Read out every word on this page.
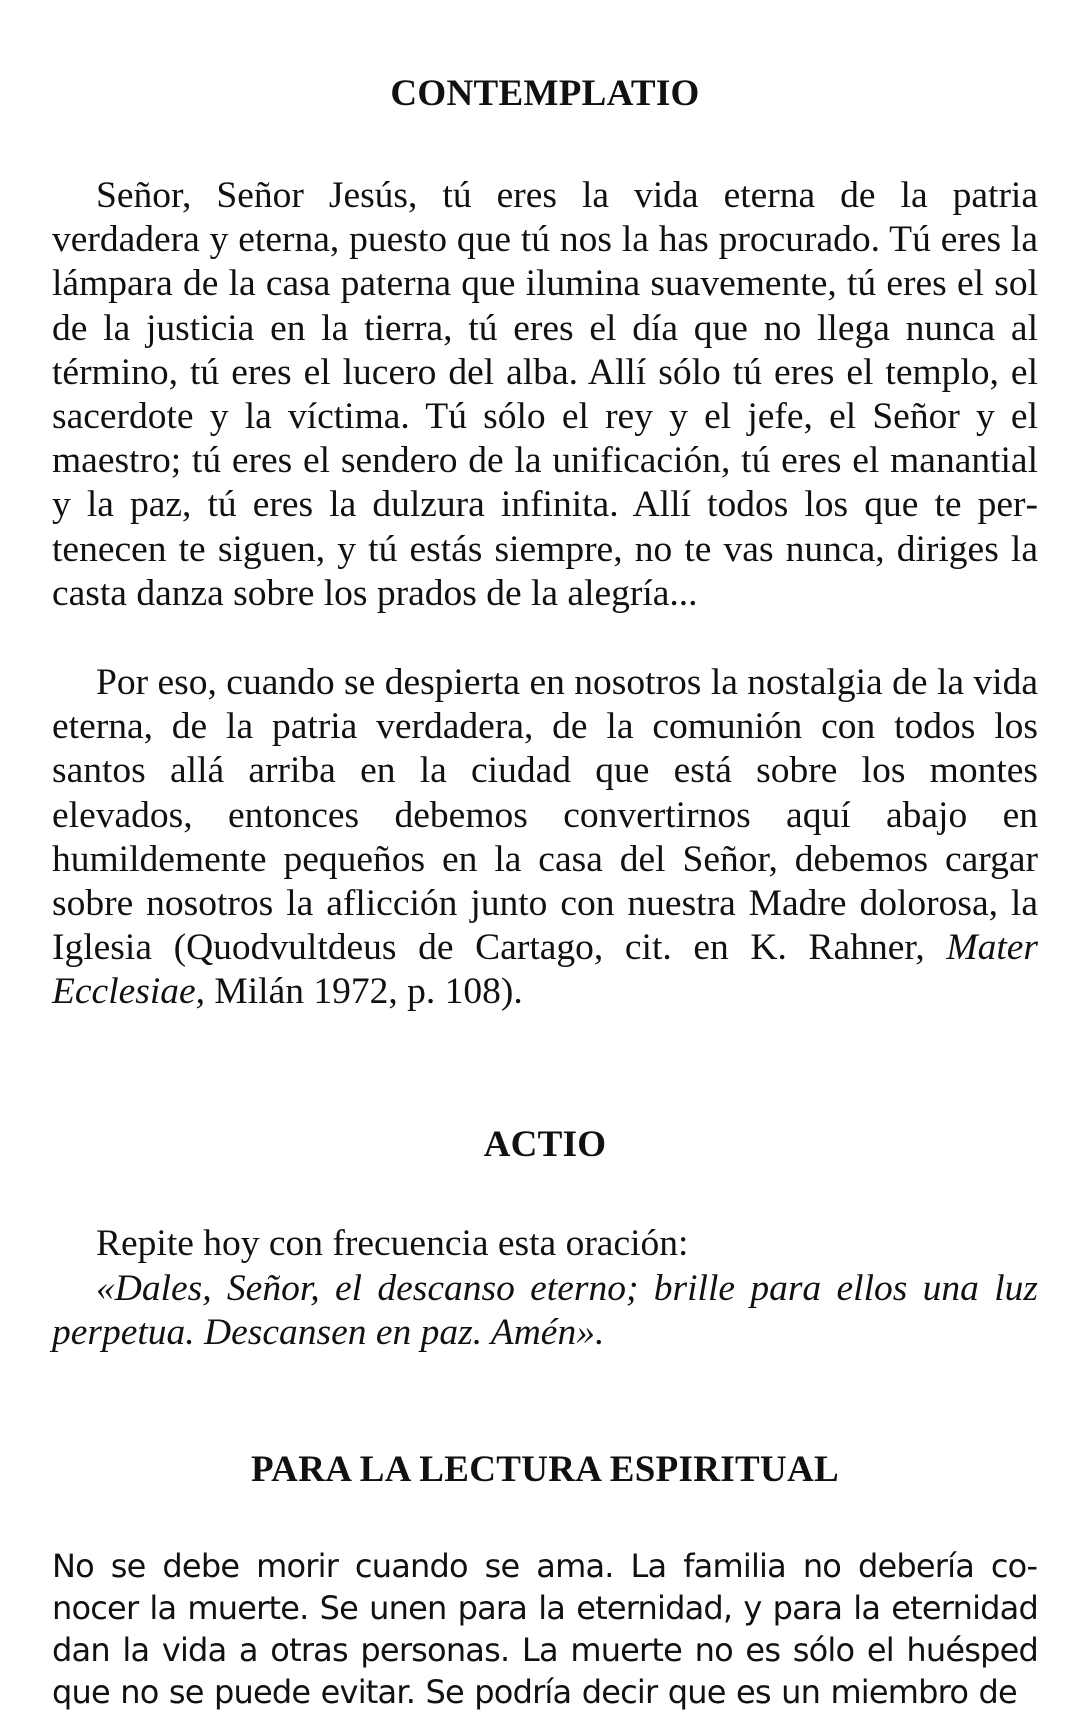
CONTEMPLATIO

Señor, Señor Jesús, tú eres la vida eterna de la patria verdadera y eterna, puesto que tú nos la has procurado. Tú eres la lámpara de la casa paterna que ilumina suavemente, tú eres el sol de la justicia en la tierra, tú eres el día que no llega nunca al término, tú eres el lucero del alba. Allí sólo tú eres el templo, el sacerdote y la víctima. Tú sólo el rey y el jefe, el Señor y el maestro; tú eres el sendero de la unificación, tú eres el manantial y la paz, tú eres la dulzura infinita. Allí todos los que te pertenecen te siguen, y tú estás siempre, no te vas nunca, diriges la casta danza sobre los prados de la alegría...

Por eso, cuando se despierta en nosotros la nostalgia de la vida eterna, de la patria verdadera, de la comunión con todos los santos allá arriba en la ciudad que está sobre los montes elevados, entonces debemos convertirnos aquí abajo en humildemente pequeños en la casa del Señor, debemos cargar sobre nosotros la aflicción junto con nuestra Madre dolorosa, la Iglesia (Quodvultdeus de Cartago, cit. en K. Rahner, Mater Ecclesiae, Milán 1972, p. 108).

ACTIO

Repite hoy con frecuencia esta oración:

«Dales, Señor, el descanso eterno; brille para ellos una luz perpetua. Descansen en paz. Amén».

PARA LA LECTURA ESPIRITUAL

No se debe morir cuando se ama. La familia no debería conocer la muerte. Se unen para la eternidad, y para la eternidad dan la vida a otras personas. La muerte no es sólo el huésped que no se puede evitar. Se podría decir que es un miembro de
